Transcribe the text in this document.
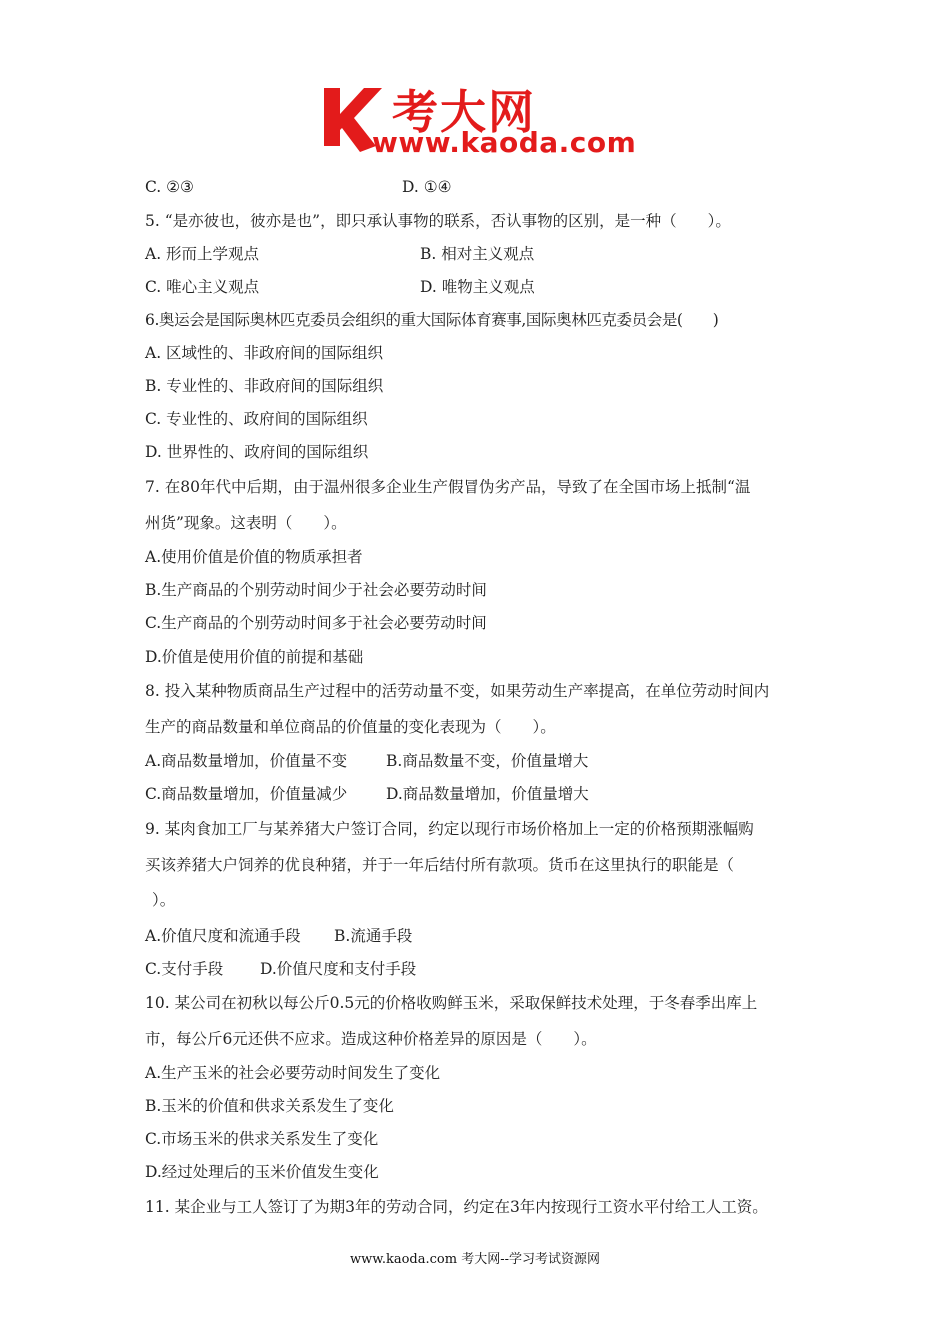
考大网
www.kaoda.com
C. ②③	D. ①④
5. “是亦彼也，彼亦是也”，即只承认事物的联系，否认事物的区别，是一种（　　）。
A. 形而上学观点	B. 相对主义观点
C. 唯心主义观点	D. 唯物主义观点
6.奥运会是国际奥林匹克委员会组织的重大国际体育赛事,国际奥林匹克委员会是(　　)
A. 区域性的、非政府间的国际组织
B. 专业性的、非政府间的国际组织
C. 专业性的、政府间的国际组织
D. 世界性的、政府间的国际组织
7. 在80年代中后期，由于温州很多企业生产假冒伪劣产品，导致了在全国市场上抵制“温
州货”现象。这表明（　　）。
A.使用价值是价值的物质承担者
B.生产商品的个别劳动时间少于社会必要劳动时间
C.生产商品的个别劳动时间多于社会必要劳动时间
D.价值是使用价值的前提和基础
8. 投入某种物质商品生产过程中的活劳动量不变，如果劳动生产率提高，在单位劳动时间内
生产的商品数量和单位商品的价值量的变化表现为（　　）。
A.商品数量增加，价值量不变	B.商品数量不变，价值量增大
C.商品数量增加，价值量减少	D.商品数量增加，价值量增大
9. 某肉食加工厂与某养猪大户签订合同，约定以现行市场价格加上一定的价格预期涨幅购
买该养猪大户饲养的优良种猪，并于一年后结付所有款项。货币在这里执行的职能是（
）。
A.价值尺度和流通手段 B.流通手段
C.支付手段 D.价值尺度和支付手段
10. 某公司在初秋以每公斤0.5元的价格收购鲜玉米，采取保鲜技术处理，于冬春季出库上
市，每公斤6元还供不应求。造成这种价格差异的原因是（　　）。
A.生产玉米的社会必要劳动时间发生了变化
B.玉米的价值和供求关系发生了变化
C.市场玉米的供求关系发生了变化
D.经过处理后的玉米价值发生变化
11. 某企业与工人签订了为期3年的劳动合同，约定在3年内按现行工资水平付给工人工资。
www.kaoda.com 考大网--学习考试资源网
